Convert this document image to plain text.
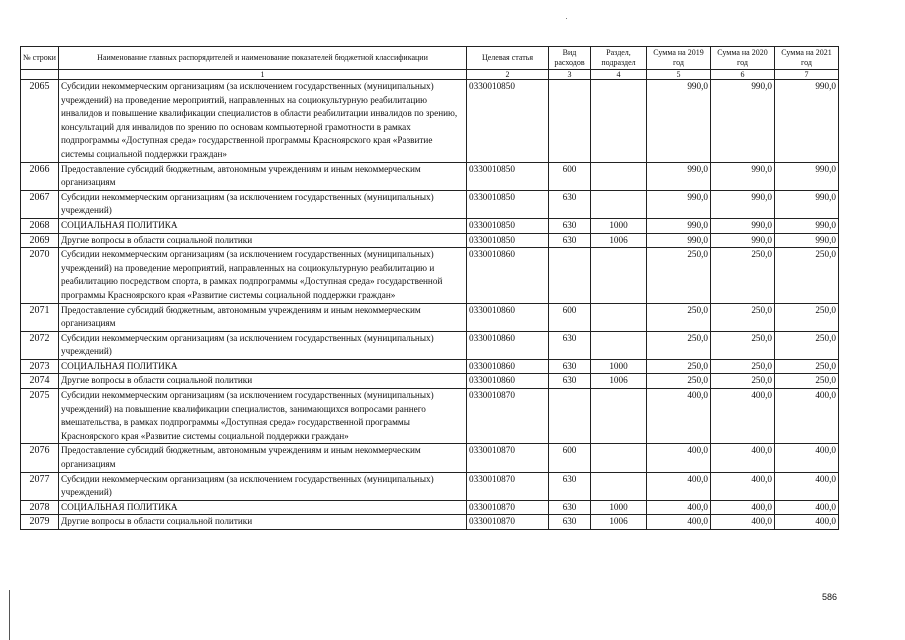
№ строки	Наименование главных распорядителей и наименование показателей бюджетной классификации	Целевая статья	Вид расходов	Раздел, подраздел	Сумма на 2019 год	Сумма на 2020 год	Сумма на 2021 год
	1	2	3	4	5	6	7
2065	Субсидии некоммерческим организациям (за исключением государственных (муниципальных) учреждений) на проведение мероприятий, направленных на социокультурную реабилитацию инвалидов и повышение квалификации специалистов в области реабилитации инвалидов по зрению, консультаций для инвалидов по зрению по основам компьютерной грамотности в рамках подпрограммы «Доступная среда» государственной программы Красноярского края «Развитие системы социальной поддержки граждан»	0330010850			990,0	990,0	990,0
2066	Предоставление субсидий бюджетным, автономным учреждениям и иным некоммерческим организациям	0330010850	600		990,0	990,0	990,0
2067	Субсидии некоммерческим организациям (за исключением государственных (муниципальных) учреждений)	0330010850	630		990,0	990,0	990,0
2068	СОЦИАЛЬНАЯ ПОЛИТИКА	0330010850	630	1000	990,0	990,0	990,0
2069	Другие вопросы в области социальной политики	0330010850	630	1006	990,0	990,0	990,0
2070	Субсидии некоммерческим организациям (за исключением государственных (муниципальных) учреждений) на проведение мероприятий, направленных на социокультурную реабилитацию и реабилитацию посредством спорта, в рамках подпрограммы «Доступная среда» государственной программы Красноярского края «Развитие системы социальной поддержки граждан»	0330010860			250,0	250,0	250,0
2071	Предоставление субсидий бюджетным, автономным учреждениям и иным некоммерческим организациям	0330010860	600		250,0	250,0	250,0
2072	Субсидии некоммерческим организациям (за исключением государственных (муниципальных) учреждений)	0330010860	630		250,0	250,0	250,0
2073	СОЦИАЛЬНАЯ ПОЛИТИКА	0330010860	630	1000	250,0	250,0	250,0
2074	Другие вопросы в области социальной политики	0330010860	630	1006	250,0	250,0	250,0
2075	Субсидии некоммерческим организациям (за исключением государственных (муниципальных) учреждений) на повышение квалификации специалистов, занимающихся вопросами раннего вмешательства, в рамках подпрограммы «Доступная среда» государственной программы Красноярского края «Развитие системы социальной поддержки граждан»	0330010870			400,0	400,0	400,0
2076	Предоставление субсидий бюджетным, автономным учреждениям и иным некоммерческим организациям	0330010870	600		400,0	400,0	400,0
2077	Субсидии некоммерческим организациям (за исключением государственных (муниципальных) учреждений)	0330010870	630		400,0	400,0	400,0
2078	СОЦИАЛЬНАЯ ПОЛИТИКА	0330010870	630	1000	400,0	400,0	400,0
2079	Другие вопросы в области социальной политики	0330010870	630	1006	400,0	400,0	400,0
586
